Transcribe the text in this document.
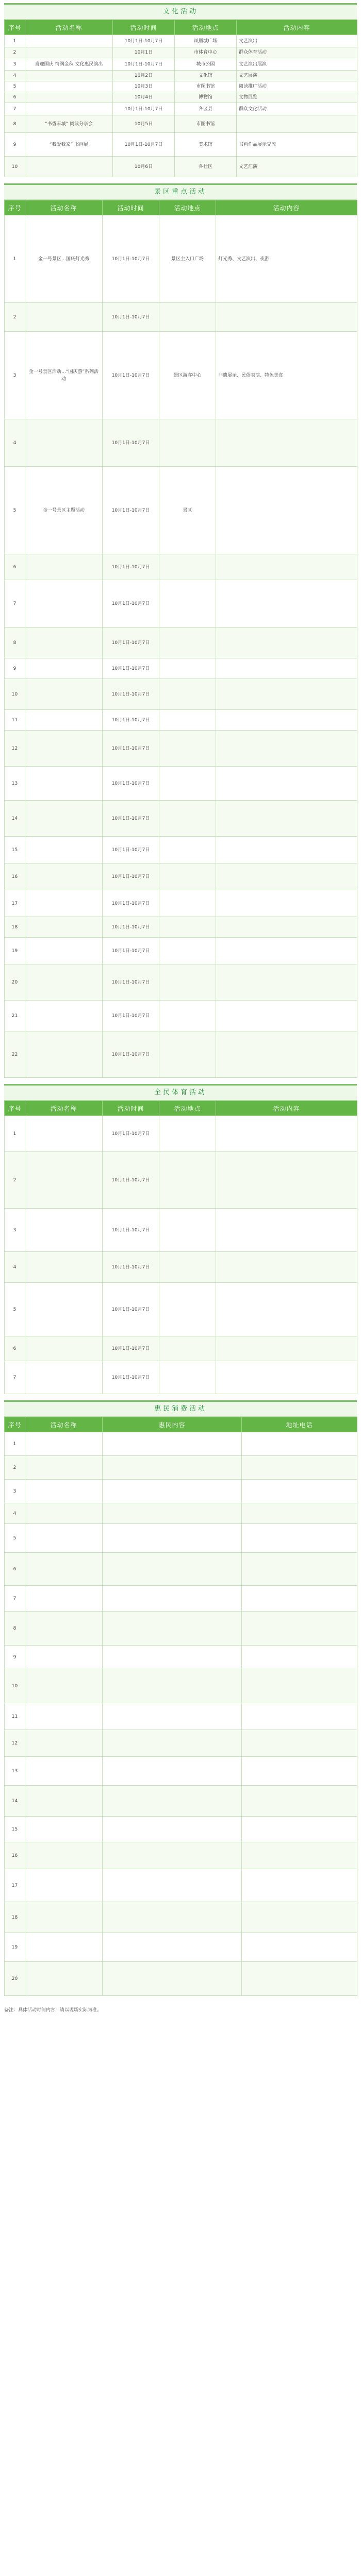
文化活动
序号	活动名称	活动时间	活动地点	活动内容
1		10月1日-10月7日	凤凰城广场	文艺演出
2		10月1日	市体育中心	群众体育活动
3	喜迎国庆 情满金秋 文化惠民演出	10月1日-10月7日	城市公园	文艺演出展演
4		10月2日	文化馆	文艺展演
5		10月3日	市图书馆	阅读推广活动
6		10月4日	博物馆	文物展览
7		10月1日-10月7日	各区县	群众文化活动
8	“书香丰城” 阅读分享会	10月5日	市图书馆	
9	“我爱我家” 书画展	10月1日-10月7日	美术馆	书画作品展示交流
10		10月6日	各社区	文艺汇演
景区重点活动
序号	活动名称	活动时间	活动地点	活动内容
1	金一号景区…国庆灯光秀	10月1日-10月7日	景区主入口广场	灯光秀、文艺演出、夜游
2		10月1日-10月7日		
3	金一号景区活动…“国庆游”系列活动	10月1日-10月7日	景区游客中心	非遗展示、民俗表演、特色美食
4		10月1日-10月7日		
5	金一号景区主题活动	10月1日-10月7日	景区	
6		10月1日-10月7日		
7		10月1日-10月7日		
8		10月1日-10月7日		
9		10月1日-10月7日		
10		10月1日-10月7日		
11		10月1日-10月7日		
12		10月1日-10月7日		
13		10月1日-10月7日		
14		10月1日-10月7日		
15		10月1日-10月7日		
16		10月1日-10月7日		
17		10月1日-10月7日		
18		10月1日-10月7日		
19		10月1日-10月7日		
20		10月1日-10月7日		
21		10月1日-10月7日		
22		10月1日-10月7日		
全民体育活动
序号	活动名称	活动时间	活动地点	活动内容
1		10月1日-10月7日		
2		10月1日-10月7日		
3		10月1日-10月7日		
4		10月1日-10月7日		
5		10月1日-10月7日		
6		10月1日-10月7日		
7		10月1日-10月7日		
惠民消费活动
序号	活动名称	惠民内容	地址电话
1			
2			
3			
4			
5			
6			
7			
8			
9			
10			
11			
12			
13			
14			
15			
16			
17			
18			
19			
20			
备注：具体活动时间内容，请以现场实际为准。
